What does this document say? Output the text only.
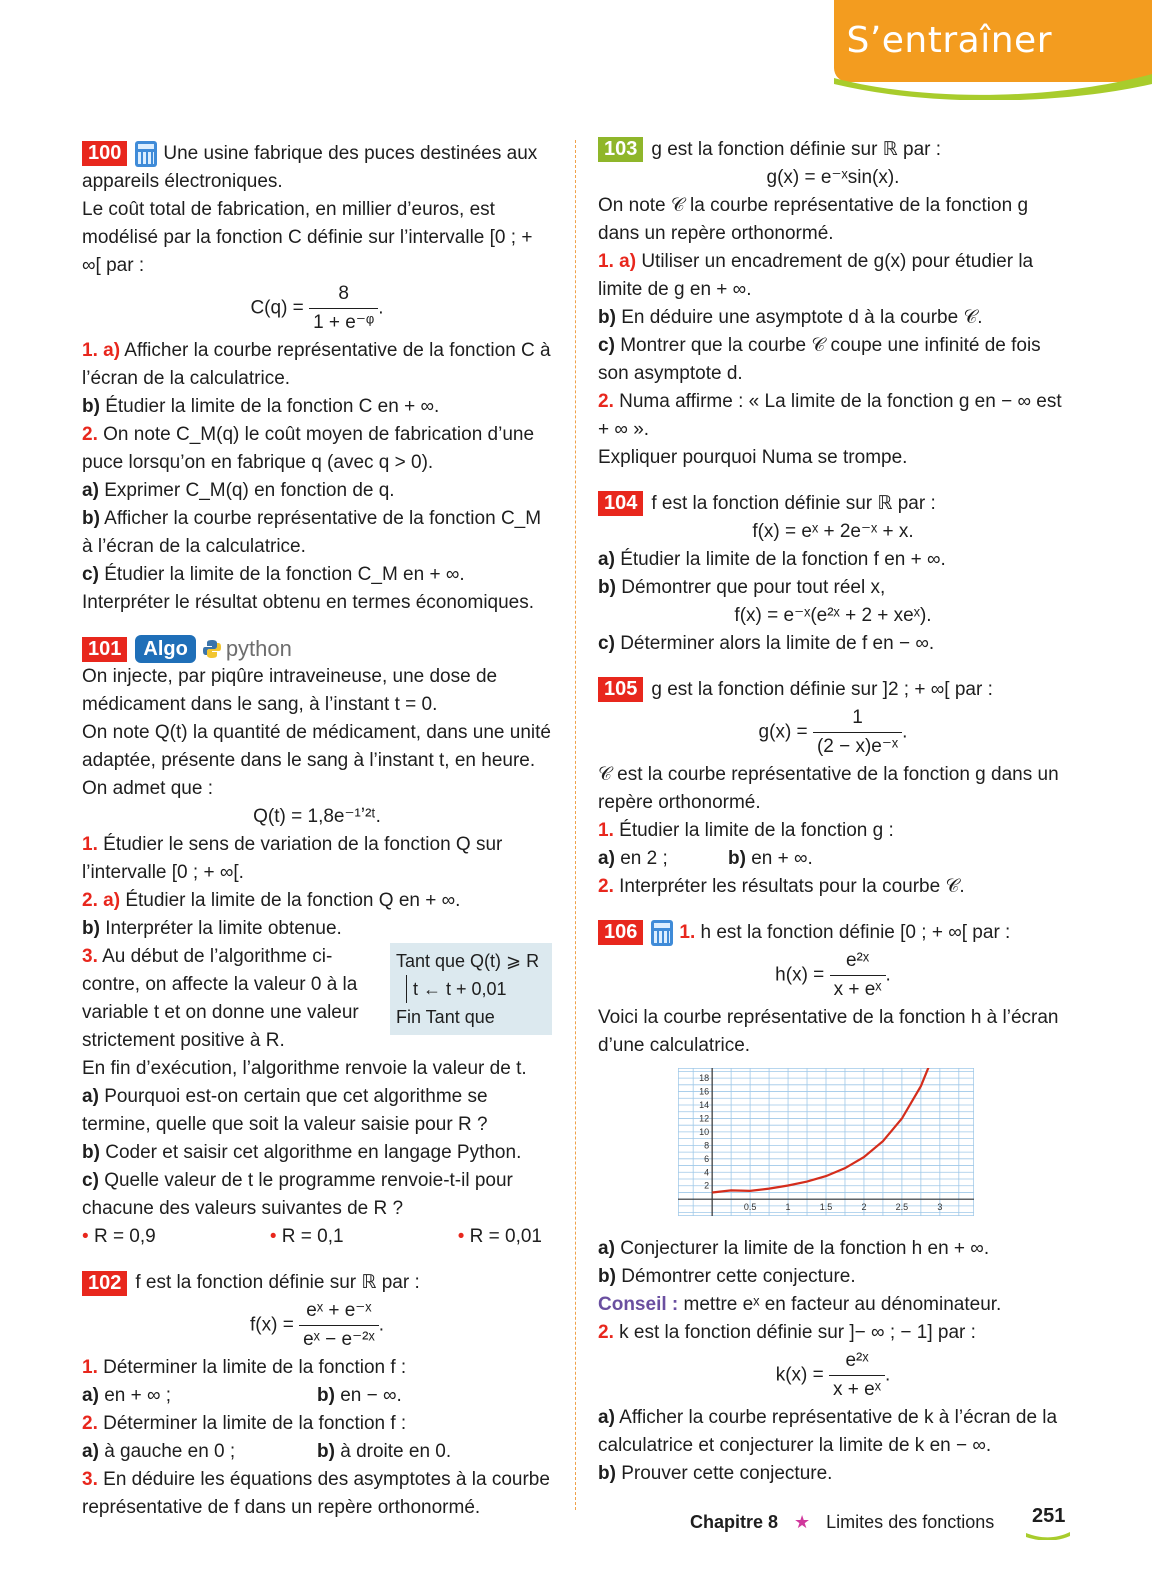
S’entraîner

100 Une usine fabrique des puces destinées aux appareils électroniques.

Le coût total de fabrication, en millier d’euros, est modélisé par la fonction C définie sur l’intervalle [0 ; + ∞[ par :

$C(q) = \frac{8}{\text{1 + e⁻ᵠ}}$ .

1. a) Afficher la courbe représentative de la fonction C à l’écran de la calculatrice.

b) Étudier la limite de la fonction C en + ∞.

2. On note C_M(q) le coût moyen de fabrication d’une puce lorsqu’on en fabrique q (avec q > 0).

a) Exprimer C_M(q) en fonction de q.

b) Afficher la courbe représentative de la fonction C_M à l’écran de la calculatrice.

c) Étudier la limite de la fonction C_M en + ∞.

Interpréter le résultat obtenu en termes économiques.

101 Algo python

On injecte, par piqûre intraveineuse, une dose de médicament dans le sang, à l’instant t = 0.

On note Q(t) la quantité de médicament, dans une unité adaptée, présente dans le sang à l’instant t, en heure.

On admet que :

Q(t) = 1,8e⁻¹ʼ²ᵗ.

1. Étudier le sens de variation de la fonction Q sur l’intervalle [0 ; + ∞[.

2. a) Étudier la limite de la fonction Q en + ∞.

b) Interpréter la limite obtenue.

Tant que Q(t) ⩾ R
t ← t + 0,01
Fin Tant que

3. Au début de l’algorithme ci-contre, on affecte la valeur 0 à la variable t et on donne une valeur strictement positive à R.

En fin d’exécution, l’algorithme renvoie la valeur de t.

a) Pourquoi est-on certain que cet algorithme se termine, quelle que soit la valeur saisie pour R ?

b) Coder et saisir cet algorithme en langage Python.

c) Quelle valeur de t le programme renvoie-t-il pour chacune des valeurs suivantes de R ?

• R = 0,9	• R = 0,1	• R = 0,01

102 f est la fonction définie sur ℝ par :

$f(x) = \frac{\text{eˣ + e⁻ˣ}}{\text{eˣ − e⁻²ˣ}}$ .

1. Déterminer la limite de la fonction f :

a) en + ∞ ;	b) en − ∞.

2. Déterminer la limite de la fonction f :

a) à gauche en 0 ;	b) à droite en 0.

3. En déduire les équations des asymptotes à la courbe représentative de f dans un repère orthonormé.

103 g est la fonction définie sur ℝ par :

g(x) = e⁻ˣsin(x).

On note 𝒞 la courbe représentative de la fonction g dans un repère orthonormé.

1. a) Utiliser un encadrement de g(x) pour étudier la limite de g en + ∞.

b) En déduire une asymptote d à la courbe 𝒞.

c) Montrer que la courbe 𝒞 coupe une infinité de fois son asymptote d.

2. Numa affirme : « La limite de la fonction g en − ∞ est + ∞ ».

Expliquer pourquoi Numa se trompe.

104 f est la fonction définie sur ℝ par :

f(x) = eˣ + 2e⁻ˣ + x.

a) Étudier la limite de la fonction f en + ∞.

b) Démontrer que pour tout réel x,

f(x) = e⁻ˣ(e²ˣ + 2 + xeˣ).

c) Déterminer alors la limite de f en − ∞.

105 g est la fonction définie sur ]2 ; + ∞[ par :

$g(x) = \frac{1}{\text{(2 − x)e⁻ˣ}}$ .

𝒞 est la courbe représentative de la fonction g dans un repère orthonormé.

1. Étudier la limite de la fonction g :

a) en 2 ;	b) en + ∞.

2. Interpréter les résultats pour la courbe 𝒞.

106 1. h est la fonction définie [0 ; + ∞[ par :

$h(x) = \frac{\text{e²ˣ}}{\text{x + eˣ}}$ .

Voici la courbe représentative de la fonction h à l’écran d’une calculatrice.

0.5	1	1.5	2	2.5	3
2
4
6
8
10
12
14
16
18

a) Conjecturer la limite de la fonction h en + ∞.

b) Démontrer cette conjecture.

Conseil : mettre eˣ en facteur au dénominateur.

2. k est la fonction définie sur ]− ∞ ; − 1] par :

$k(x) = \frac{\text{e²ˣ}}{\text{x + eˣ}}$ .

a) Afficher la courbe représentative de k à l’écran de la calculatrice et conjecturer la limite de k en − ∞.

b) Prouver cette conjecture.

Chapitre 8 ★ Limites des fonctions 251
